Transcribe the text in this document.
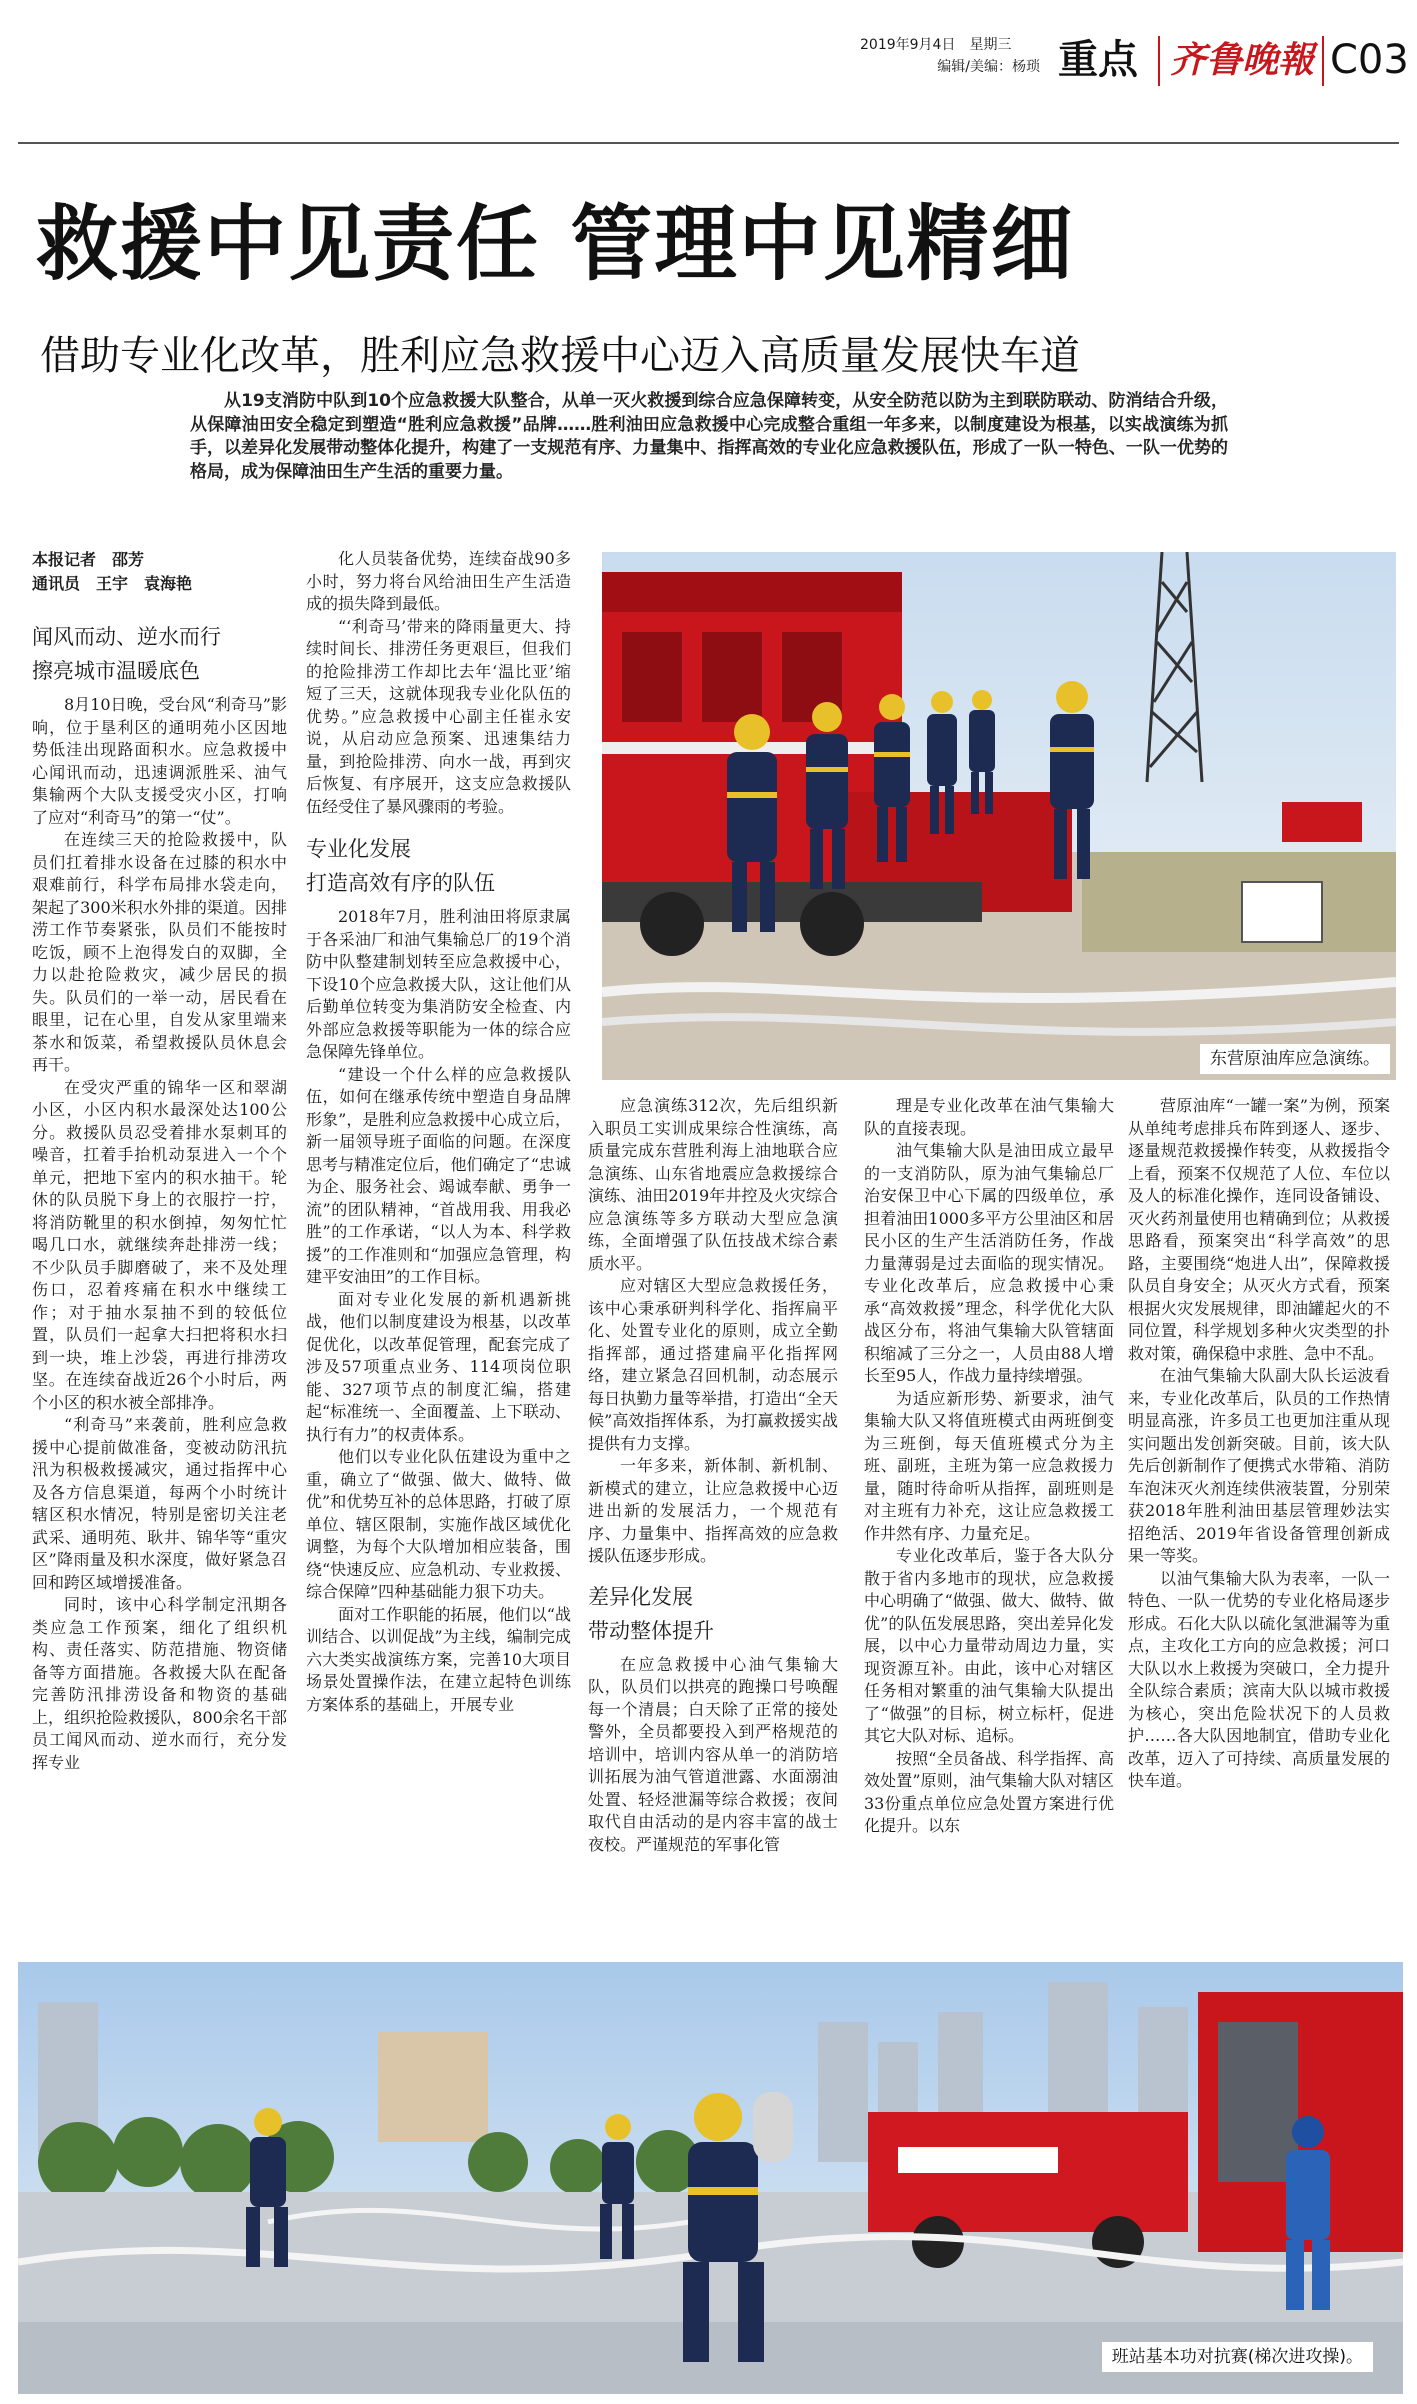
2019年9月4日　星期三
编辑/美编：杨琐 重点 齐鲁晚報 C03
救援中见责任 管理中见精细
借助专业化改革，胜利应急救援中心迈入高质量发展快车道
从19支消防中队到10个应急救援大队整合，从单一灭火救援到综合应急保障转变，从安全防范以防为主到联防联动、防消结合升级，从保障油田安全稳定到塑造“胜利应急救援”品牌……胜利油田应急救援中心完成整合重组一年多来，以制度建设为根基，以实战演练为抓手，以差异化发展带动整体化提升，构建了一支规范有序、力量集中、指挥高效的专业化应急救援队伍，形成了一队一特色、一队一优势的格局，成为保障油田生产生活的重要力量。

本报记者　邵芳

通讯员　王宇　袁海艳

闻风而动、逆水而行
擦亮城市温暖底色

8月10日晚，受台风“利奇马”影响，位于垦利区的通明苑小区因地势低洼出现路面积水。应急救援中心闻讯而动，迅速调派胜采、油气集输两个大队支援受灾小区，打响了应对“利奇马”的第一“仗”。

在连续三天的抢险救援中，队员们扛着排水设备在过膝的积水中艰难前行，科学布局排水袋走向，架起了300米积水外排的渠道。因排涝工作节奏紧张，队员们不能按时吃饭，顾不上泡得发白的双脚，全力以赴抢险救灾，减少居民的损失。队员们的一举一动，居民看在眼里，记在心里，自发从家里端来茶水和饭菜，希望救援队员休息会再干。

在受灾严重的锦华一区和翠湖小区，小区内积水最深处达100公分。救援队员忍受着排水泵刺耳的噪音，扛着手抬机动泵进入一个个单元，把地下室内的积水抽干。轮休的队员脱下身上的衣服拧一拧，将消防靴里的积水倒掉，匆匆忙忙喝几口水，就继续奔赴排涝一线；不少队员手脚磨破了，来不及处理伤口，忍着疼痛在积水中继续工作；对于抽水泵抽不到的较低位置，队员们一起拿大扫把将积水扫到一块，堆上沙袋，再进行排涝攻坚。在连续奋战近26个小时后，两个小区的积水被全部排净。

“利奇马”来袭前，胜利应急救援中心提前做准备，变被动防汛抗汛为积极救援减灾，通过指挥中心及各方信息渠道，每两个小时统计辖区积水情况，特别是密切关注老武采、通明苑、耿井、锦华等“重灾区”降雨量及积水深度，做好紧急召回和跨区域增援准备。

同时，该中心科学制定汛期各类应急工作预案，细化了组织机构、责任落实、防范措施、物资储备等方面措施。各救援大队在配备完善防汛排涝设备和物资的基础上，组织抢险救援队，800余名干部员工闻风而动、逆水而行，充分发挥专业

化人员装备优势，连续奋战90多小时，努力将台风给油田生产生活造成的损失降到最低。

“‘利奇马’带来的降雨量更大、持续时间长、排涝任务更艰巨，但我们的抢险排涝工作却比去年‘温比亚’缩短了三天，这就体现我专业化队伍的优势。”应急救援中心副主任崔永安说，从启动应急预案、迅速集结力量，到抢险排涝、向水一战，再到灾后恢复、有序展开，这支应急救援队伍经受住了暴风骤雨的考验。

专业化发展

打造高效有序的队伍

2018年7月，胜利油田将原隶属于各采油厂和油气集输总厂的19个消防中队整建制划转至应急救援中心，下设10个应急救援大队，这让他们从后勤单位转变为集消防安全检查、内外部应急救援等职能为一体的综合应急保障先锋单位。

“建设一个什么样的应急救援队伍，如何在继承传统中塑造自身品牌形象”，是胜利应急救援中心成立后，新一届领导班子面临的问题。在深度思考与精准定位后，他们确定了“忠诚为企、服务社会、竭诚奉献、勇争一流”的团队精神，“首战用我、用我必胜”的工作承诺，“以人为本、科学救援”的工作准则和“加强应急管理，构建平安油田”的工作目标。

面对专业化发展的新机遇新挑战，他们以制度建设为根基，以改革促优化，以改革促管理，配套完成了涉及57项重点业务、114项岗位职能、327项节点的制度汇编，搭建起“标准统一、全面覆盖、上下联动、执行有力”的权责体系。

他们以专业化队伍建设为重中之重，确立了“做强、做大、做特、做优”和优势互补的总体思路，打破了原单位、辖区限制，实施作战区域优化调整，为每个大队增加相应装备，围绕“快速反应、应急机动、专业救援、综合保障”四种基础能力狠下功夫。

面对工作职能的拓展，他们以“战训结合、以训促战”为主线，编制完成六大类实战演练方案，完善10大项目场景处置操作法，在建立起特色训练方案体系的基础上，开展专业

东营原油库应急演练。

应急演练312次，先后组织新入职员工实训成果综合性演练，高质量完成东营胜利海上油地联合应急演练、山东省地震应急救援综合演练、油田2019年井控及火灾综合应急演练等多方联动大型应急演练，全面增强了队伍技战术综合素质水平。

应对辖区大型应急救援任务，该中心秉承研判科学化、指挥扁平化、处置专业化的原则，成立全勤指挥部，通过搭建扁平化指挥网络，建立紧急召回机制，动态展示每日执勤力量等举措，打造出“全天候”高效指挥体系，为打赢救援实战提供有力支撑。

一年多来，新体制、新机制、新模式的建立，让应急救援中心迈进出新的发展活力，一个规范有序、力量集中、指挥高效的应急救援队伍逐步形成。

差异化发展

带动整体提升

在应急救援中心油气集输大队，队员们以拱亮的跑操口号唤醒每一个清晨；白天除了正常的接处警外，全员都要投入到严格规范的培训中，培训内容从单一的消防培训拓展为油气管道泄露、水面溺油处置、轻烃泄漏等综合救援；夜间取代自由活动的是内容丰富的战士夜校。严谨规范的军事化管

理是专业化改革在油气集输大队的直接表现。

油气集输大队是油田成立最早的一支消防队，原为油气集输总厂治安保卫中心下属的四级单位，承担着油田1000多平方公里油区和居民小区的生产生活消防任务，作战力量薄弱是过去面临的现实情况。专业化改革后，应急救援中心秉承“高效救援”理念，科学优化大队战区分布，将油气集输大队管辖面积缩减了三分之一，人员由88人增长至95人，作战力量持续增强。

为适应新形势、新要求，油气集输大队又将值班模式由两班倒变为三班倒，每天值班模式分为主班、副班，主班为第一应急救援力量，随时待命听从指挥，副班则是对主班有力补充，这让应急救援工作井然有序、力量充足。

专业化改革后，鉴于各大队分散于省内多地市的现状，应急救援中心明确了“做强、做大、做特、做优”的队伍发展思路，突出差异化发展，以中心力量带动周边力量，实现资源互补。由此，该中心对辖区任务相对繁重的油气集输大队提出了“做强”的目标，树立标杆，促进其它大队对标、追标。

按照“全员备战、科学指挥、高效处置”原则，油气集输大队对辖区33份重点单位应急处置方案进行优化提升。以东

营原油库“一罐一案”为例，预案从单纯考虑排兵布阵到逐人、逐步、逐量规范救援操作转变，从救援指令上看，预案不仅规范了人位、车位以及人的标准化操作，连同设备铺设、灭火药剂量使用也精确到位；从救援思路看，预案突出“科学高效”的思路，主要围绕“炮进人出”，保障救援队员自身安全；从灭火方式看，预案根据火灾发展规律，即油罐起火的不同位置，科学规划多种火灾类型的扑救对策，确保稳中求胜、急中不乱。

在油气集输大队副大队长运波看来，专业化改革后，队员的工作热情明显高涨，许多员工也更加注重从现实问题出发创新突破。目前，该大队先后创新制作了便携式水带箱、消防车泡沫灭火剂连续供液装置，分别荣获2018年胜利油田基层管理妙法实招绝活、2019年省设备管理创新成果一等奖。

以油气集输大队为表率，一队一特色、一队一优势的专业化格局逐步形成。石化大队以硫化氢泄漏等为重点，主攻化工方向的应急救援；河口大队以水上救援为突破口，全力提升全队综合素质；滨南大队以城市救援为核心，突出危险状况下的人员救护……各大队因地制宜，借助专业化改革，迈入了可持续、高质量发展的快车道。

班站基本功对抗赛(梯次进攻操)。
